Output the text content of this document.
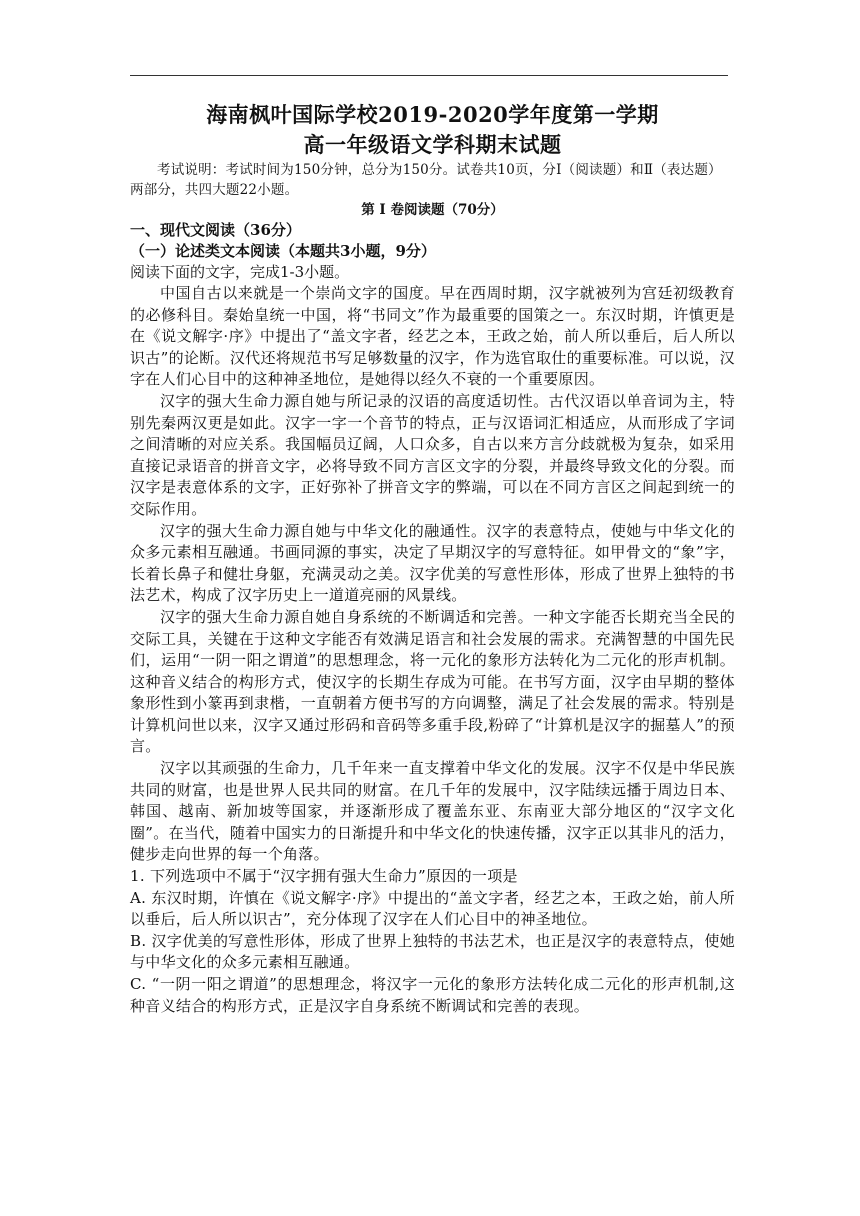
海南枫叶国际学校2019-2020学年度第一学期
高一年级语文学科期末试题

考试说明：考试时间为150分钟，总分为150分。试卷共10页，分Ⅰ（阅读题）和Ⅱ（表达题）两部分，共四大题22小题。

第 Ⅰ 卷阅读题（70分）

一、现代文阅读（36分）

（一）论述类文本阅读（本题共3小题，9分）

阅读下面的文字，完成1-3小题。

中国自古以来就是一个崇尚文字的国度。早在西周时期，汉字就被列为宫廷初级教育的必修科目。秦始皇统一中国，将“书同文”作为最重要的国策之一。东汉时期，许慎更是在《说文解字·序》中提出了“盖文字者，经艺之本，王政之始，前人所以垂后，后人所以识古”的论断。汉代还将规范书写足够数量的汉字，作为选官取仕的重要标准。可以说，汉字在人们心目中的这种神圣地位，是她得以经久不衰的一个重要原因。

汉字的强大生命力源自她与所记录的汉语的高度适切性。古代汉语以单音词为主，特别先秦两汉更是如此。汉字一字一个音节的特点，正与汉语词汇相适应，从而形成了字词之间清晰的对应关系。我国幅员辽阔，人口众多，自古以来方言分歧就极为复杂，如采用直接记录语音的拼音文字，必将导致不同方言区文字的分裂，并最终导致文化的分裂。而汉字是表意体系的文字，正好弥补了拼音文字的弊端，可以在不同方言区之间起到统一的交际作用。

汉字的强大生命力源自她与中华文化的融通性。汉字的表意特点，使她与中华文化的众多元素相互融通。书画同源的事实，决定了早期汉字的写意特征。如甲骨文的“象”字，长着长鼻子和健壮身躯，充满灵动之美。汉字优美的写意性形体，形成了世界上独特的书法艺术，构成了汉字历史上一道道亮丽的风景线。

汉字的强大生命力源自她自身系统的不断调适和完善。一种文字能否长期充当全民的交际工具，关键在于这种文字能否有效满足语言和社会发展的需求。充满智慧的中国先民们，运用“一阴一阳之谓道”的思想理念，将一元化的象形方法转化为二元化的形声机制。这种音义结合的构形方式，使汉字的长期生存成为可能。在书写方面，汉字由早期的整体象形性到小篆再到隶楷，一直朝着方便书写的方向调整，满足了社会发展的需求。特别是计算机问世以来，汉字又通过形码和音码等多重手段,粉碎了“计算机是汉字的掘墓人”的预言。

汉字以其顽强的生命力，几千年来一直支撑着中华文化的发展。汉字不仅是中华民族共同的财富，也是世界人民共同的财富。在几千年的发展中，汉字陆续远播于周边日本、韩国、越南、新加坡等国家，并逐渐形成了覆盖东亚、东南亚大部分地区的“汉字文化圈”。在当代，随着中国实力的日渐提升和中华文化的快速传播，汉字正以其非凡的活力，健步走向世界的每一个角落。

1. 下列选项中不属于“汉字拥有强大生命力”原因的一项是

A. 东汉时期，许慎在《说文解字·序》中提出的“盖文字者，经艺之本，王政之始，前人所以垂后，后人所以识古”，充分体现了汉字在人们心目中的神圣地位。

B. 汉字优美的写意性形体，形成了世界上独特的书法艺术，也正是汉字的表意特点，使她与中华文化的众多元素相互融通。

C. “一阴一阳之谓道”的思想理念，将汉字一元化的象形方法转化成二元化的形声机制,这种音义结合的构形方式，正是汉字自身系统不断调试和完善的表现。
